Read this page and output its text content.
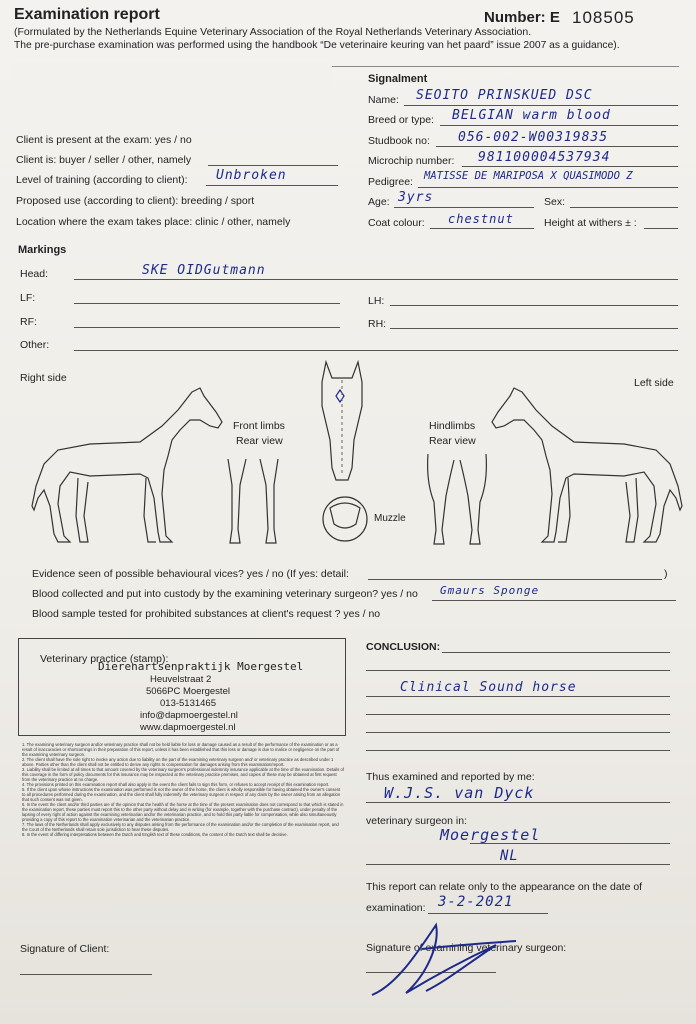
Examination report	Number: E 108505
(Formulated by the Netherlands Equine Veterinary Association of the Royal Netherlands Veterinary Association.
The pre-purchase examination was performed using the handbook “De veterinaire keuring van het paard” issue 2007 as a guidance).
Client is present at the exam: yes / no
Client is: buyer / seller / other, namely
Level of training (according to client): Unbroken
Proposed use (according to client): breeding / sport
Location where the exam takes place: clinic / other, namely
Signalment
Name: SEOITO PRINSKUED DSC
Breed or type: BELGIAN warm blood
Studbook no: 056-002-W00319835
Microchip number: 981100004537934
Pedigree: MATISSE DE MARIPOSA X QUASIMODO Z
Age: 3yrs	Sex:
Coat colour: chestnut	Height at withers ± :
Markings
Head:	SKE OIDGutmann
LF:	LH:
RF:	RH:
Other:
Right side	Left side
Front limbs
Rear view
Hindlimbs
Rear view
Muzzle
Evidence seen of possible behavioural vices? yes / no (If yes: detail:	)
Blood collected and put into custody by the examining veterinary surgeon? yes / no Gmaurs Sponge
Blood sample tested for prohibited substances at client's request ? yes / no
Veterinary practice (stamp):
Dierenartsenpraktijk Moergestel
Heuvelstraat 2
5066PC Moergestel
013-5131465
info@dapmoergestel.nl
www.dapmoergestel.nl
1. The examining veterinary surgeon and/or veterinary practice shall not be held liable for loss or damage caused as a result of the performance of the examination or as a result of inaccuracies or shortcomings in their preparation of this report, unless it has been established that this loss or damage is due to malice or negligence on the part of the examining veterinary surgeon.
2. The client shall have the sole right to invoke any action due to liability on the part of the examining veterinary surgeon and/ or veterinary practice as described under 1 above. Parties other than the client shall not be entitled to derive any rights to compensation for damages arising from this examination/report.
3. Liability shall be limited at all times to that amount covered by the veterinary surgeon's professional indemnity insurance applicable at the time of the examination. Details of this coverage in the form of policy documents for this insurance may be inspected at the veterinary practice premises, and copies of these may be obtained at first request from the veterinary practice at no charge.
4. The provisions printed on this examination report shall also apply in the event the client fails to sign this form, or refuses to accept receipt of this examination report.
5. If the client upon whose instructions the examination was performed is not the owner of the horse, the client is wholly responsible for having obtained the owner's consent to all procedures performed during the examination, and the client shall fully indemnify the veterinary surgeon in respect of any claim by the owner arising from an allegation that such consent was not given.
6. In the event the client and/or third parties are of the opinion that the health of the horse at the time of the present examination does not correspond to that which is stated in the examination report, these parties must report this to the other party without delay and in writing (for example, together with the purchase contract), under penalty of the lapsing of every right of action against the examining veterinarian and/or the veterinarian practice, and to hold this party liable for compensation, while also simultaneously providing a copy of this report to the examination veterinarian and the veterinarian practice.
7. The laws of the Netherlands shall apply exclusively to any disputes arising from the performance of the examination and/or the completion of the examination report, and the Court of the Netherlands shall retain sole jurisdiction to hear these disputes.
8. In the event of differing interpretations between the Dutch and English text of these conditions, the content of the Dutch text shall be decisive.
CONCLUSION:
Clinical Sound horse
Thus examined and reported by me:
W.J.S. van Dyck
veterinary surgeon in:
Moergestel
NL
This report can relate only to the appearance on the date of
examination: 3-2-2021
Signature of examining veterinary surgeon:
Signature of Client:
